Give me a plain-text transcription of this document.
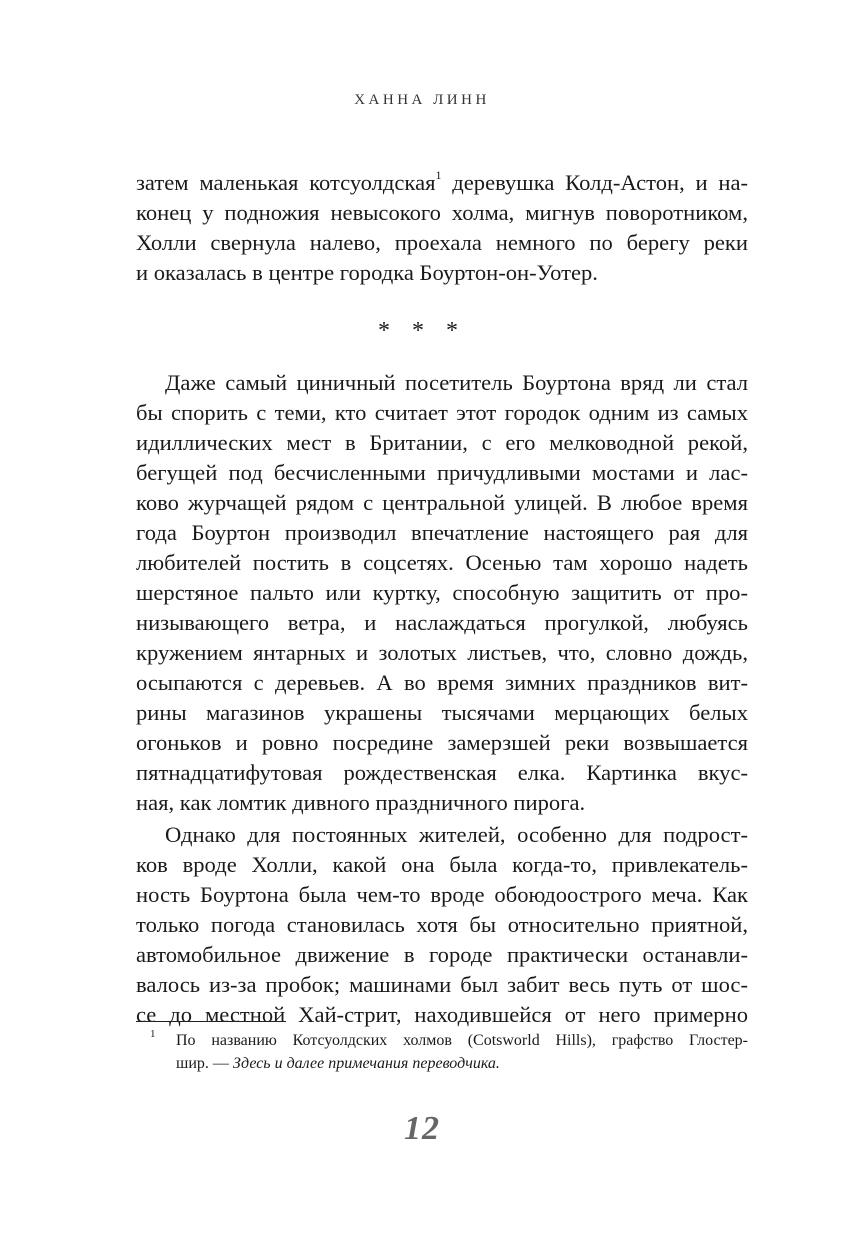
ХАННА ЛИНН
затем маленькая котсуолдская$^1$ деревушка Колд-Астон, и на-
конец у подножия невысокого холма, мигнув поворотником,
Холли свернула налево, проехала немного по берегу реки
и оказалась в центре городка Боуртон-он-Уотер.
* * *
Даже самый циничный посетитель Боуртона вряд ли стал
бы спорить с теми, кто считает этот городок одним из самых
идиллических мест в Британии, с его мелководной рекой,
бегущей под бесчисленными причудливыми мостами и лас-
ково журчащей рядом с центральной улицей. В любое время
года Боуртон производил впечатление настоящего рая для
любителей постить в соцсетях. Осенью там хорошо надеть
шерстяное пальто или куртку, способную защитить от про-
низывающего ветра, и наслаждаться прогулкой, любуясь
кружением янтарных и золотых листьев, что, словно дождь,
осыпаются с деревьев. А во время зимних праздников вит-
рины магазинов украшены тысячами мерцающих белых
огоньков и ровно посредине замерзшей реки возвышается
пятнадцатифутовая рождественская елка. Картинка вкус-
ная, как ломтик дивного праздничного пирога.
Однако для постоянных жителей, особенно для подрост-
ков вроде Холли, какой она была когда-то, привлекатель-
ность Боуртона была чем-то вроде обоюдоострого меча. Как
только погода становилась хотя бы относительно приятной,
автомобильное движение в городе практически останавли-
валось из-за пробок; машинами был забит весь путь от шос-
се до местной Хай-стрит, находившейся от него примерно
1 По названию Котсуолдских холмов (Cotsworld Hills), графство Глостер-
шир. — Здесь и далее примечания переводчика.
12
